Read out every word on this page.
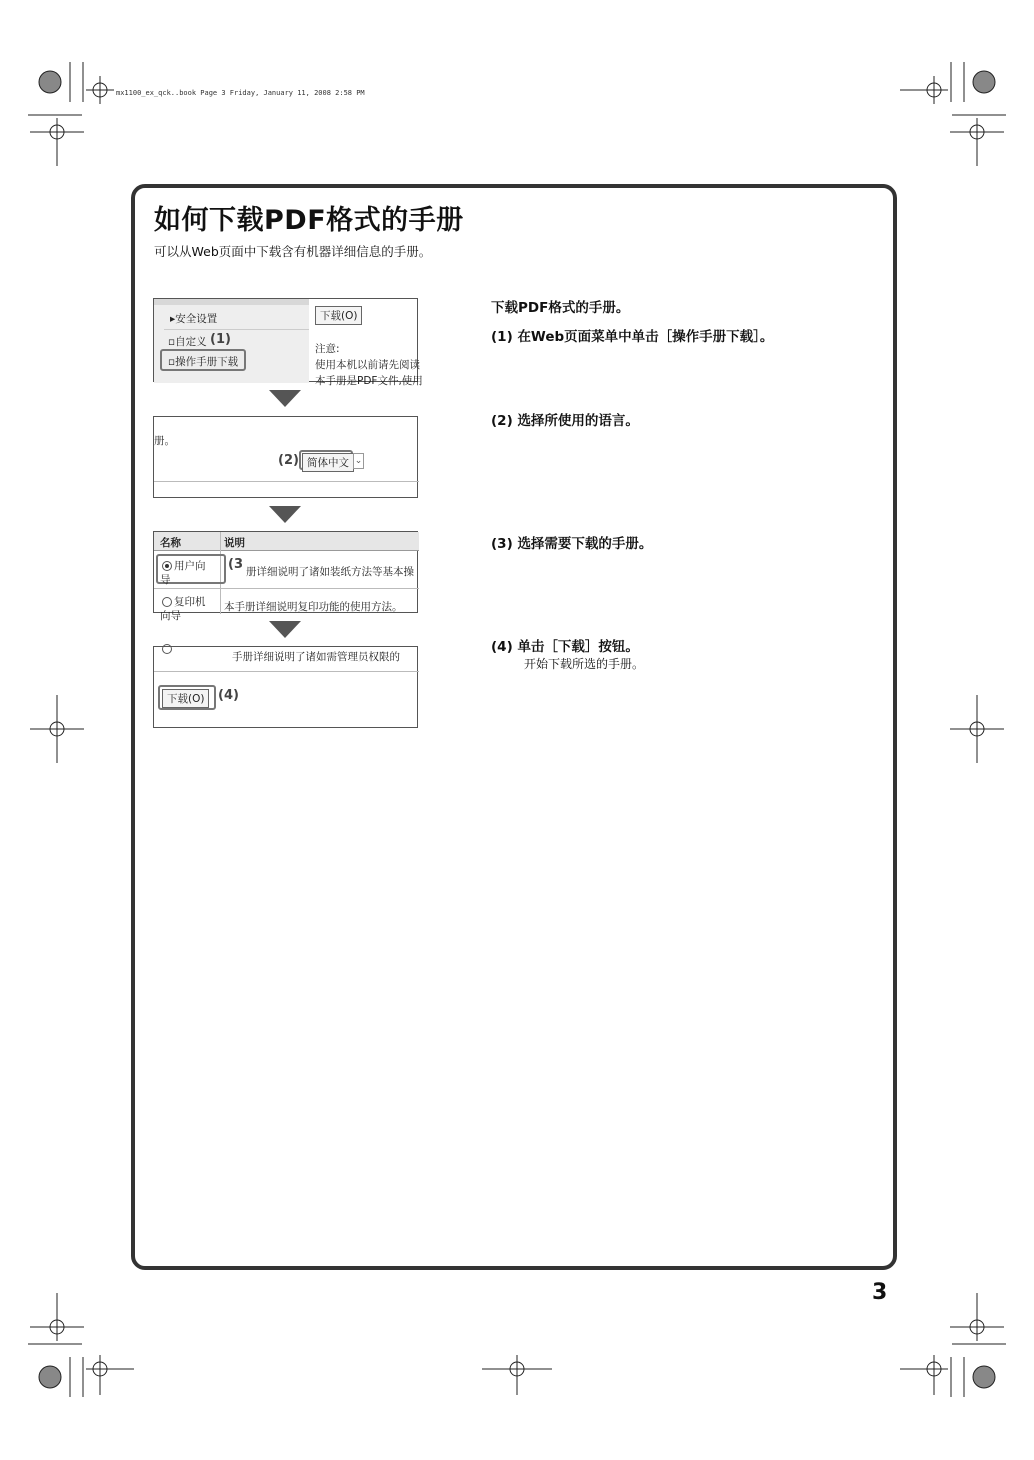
mx1100_ex_qck..book Page 3 Friday, January 11, 2008 2:58 PM
如何下载PDF格式的手册
可以从Web页面中下载含有机器详细信息的手册。
▸安全设置
▫自定义 (1)
▫操作手册下载
下载(O)
注意:
使用本机以前请先阅读
本手册是PDF文件,使用
册。
(2) 简体中文 ⌄
名称	说明
用户向
导
(3 册详细说明了诸如装纸方法等基本操
复印机
向导
本手册详细说明复印功能的使用方法。
手册详细说明了诸如需管理员权限的
下载(O)	(4)
下载PDF格式的手册。
(1) 在Web页面菜单中单击［操作手册下载］。
(2) 选择所使用的语言。
(3) 选择需要下载的手册。
(4) 单击［下载］按钮。
开始下载所选的手册。
3
